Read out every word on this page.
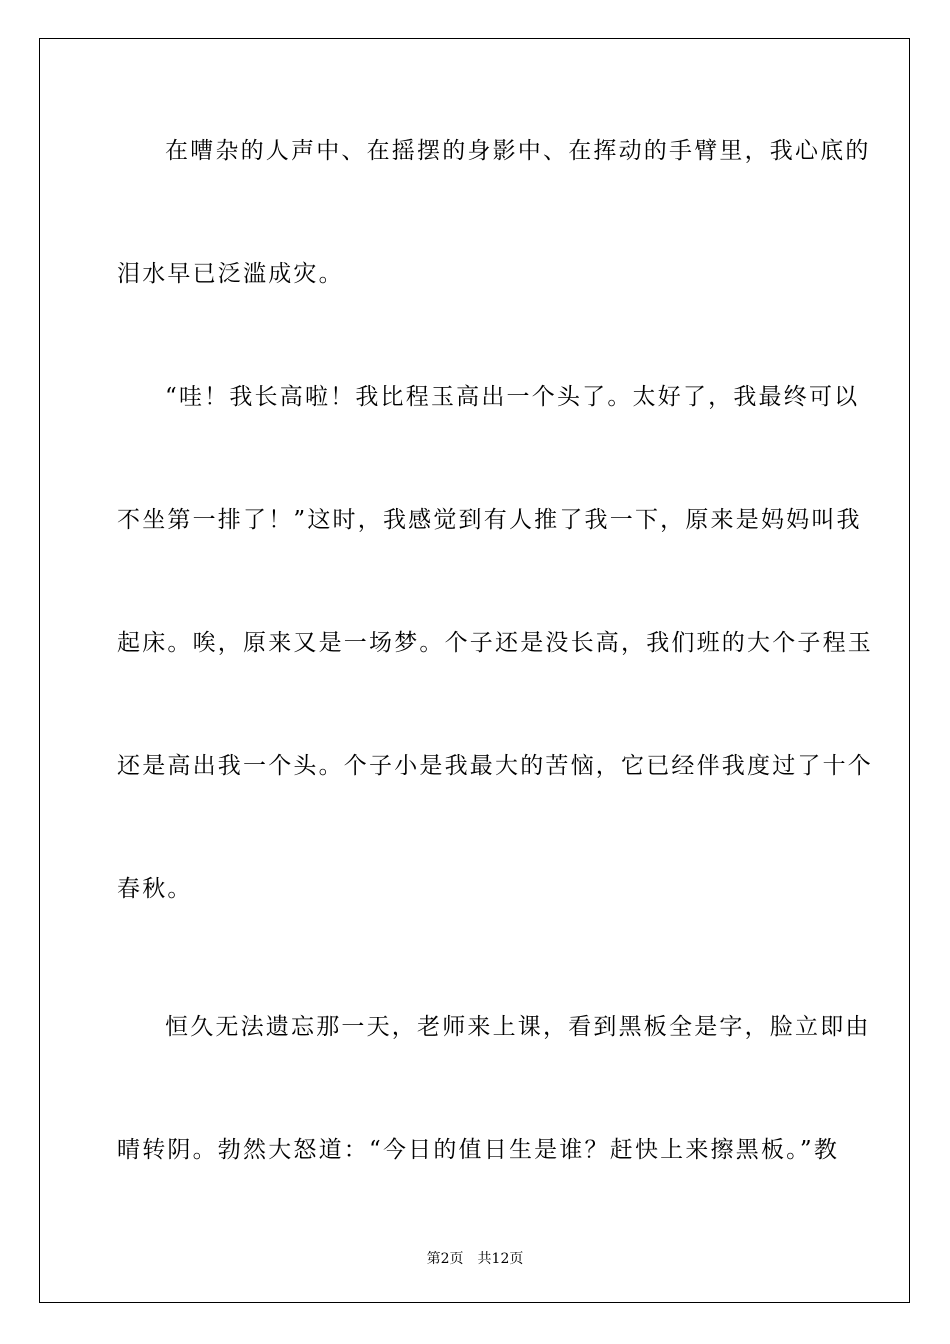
在嘈杂的人声中、在摇摆的身影中、在挥动的手臂里，我心底的
泪水早已泛滥成灾。
“哇！我长高啦！我比程玉高出一个头了。太好了，我最终可以
不坐第一排了！”这时，我感觉到有人推了我一下，原来是妈妈叫我
起床。唉，原来又是一场梦。个子还是没长高，我们班的大个子程玉
还是高出我一个头。个子小是我最大的苦恼，它已经伴我度过了十个
春秋。
恒久无法遗忘那一天，老师来上课，看到黑板全是字，脸立即由
晴转阴。勃然大怒道：“今日的值日生是谁？赶快上来擦黑板。”教
第2页　共12页
